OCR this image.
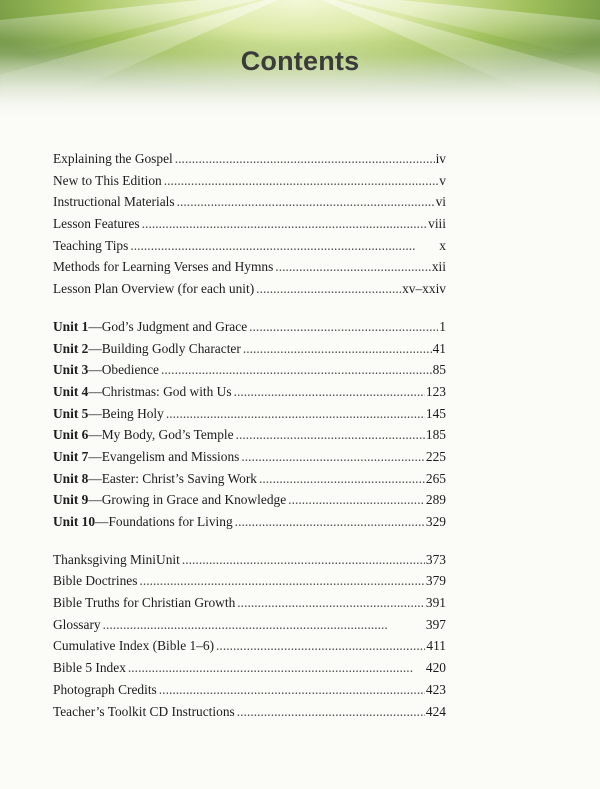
Contents
Explaining the Gospel . . .	iv
New to This Edition . . .	v
Instructional Materials . . .	vi
Lesson Features . . .	viii
Teaching Tips . . .	x
Methods for Learning Verses and Hymns . . .	xii
Lesson Plan Overview (for each unit) . . .	xv–xxiv
Unit 1—God’s Judgment and Grace . . .	1
Unit 2—Building Godly Character . . .	41
Unit 3—Obedience . . .	85
Unit 4—Christmas: God with Us . . .	123
Unit 5—Being Holy . . .	145
Unit 6—My Body, God’s Temple . . .	185
Unit 7—Evangelism and Missions . . .	225
Unit 8—Easter: Christ’s Saving Work . . .	265
Unit 9—Growing in Grace and Knowledge . . .	289
Unit 10—Foundations for Living . . .	329
Thanksgiving MiniUnit . . .	373
Bible Doctrines . . .	379
Bible Truths for Christian Growth . . .	391
Glossary . . .	397
Cumulative Index (Bible 1–6) . . .	411
Bible 5 Index . . .	420
Photograph Credits . . .	423
Teacher’s Toolkit CD Instructions . . .	424
